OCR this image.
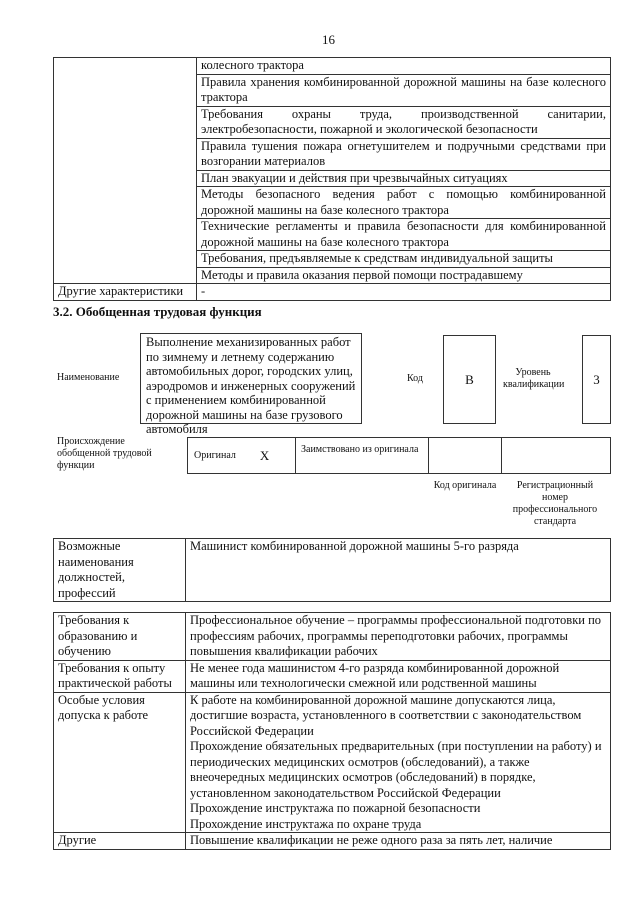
16
	колесного трактора
	Правила хранения комбинированной дорожной машины на базе колесного трактора
	Требования охраны труда, производственной санитарии, электробезопасности, пожарной и экологической безопасности
	Правила тушения пожара огнетушителем и подручными средствами при возгорании материалов
	План эвакуации и действия при чрезвычайных ситуациях
	Методы безопасного ведения работ с помощью комбинированной дорожной машины на базе колесного трактора
	Технические регламенты и правила безопасности для комбинированной дорожной машины на базе колесного трактора
	Требования, предъявляемые к средствам индивидуальной защиты
	Методы и правила оказания первой помощи пострадавшему
Другие характеристики	-
3.2. Обобщенная трудовая функция
Наименование
Выполнение механизированных работ по зимнему и летнему содержанию автомобильных дорог, городских улиц, аэродромов и инженерных сооружений с применением комбинированной дорожной машины на базе грузового автомобиля
Код	В	Уровень квалификации	3
Происхождение обобщенной трудовой функции
Оригинал X	Заимствовано из оригинала
Код оригинала	Регистрационный номер профессионального стандарта
Возможные наименования должностей, профессий	Машинист комбинированной дорожной машины 5-го разряда
Требования к образованию и обучению	Профессиональное обучение – программы профессиональной подготовки по профессиям рабочих, программы переподготовки рабочих, программы повышения квалификации рабочих
Требования к опыту практической работы	Не менее года машинистом 4-го разряда комбинированной дорожной машины или технологически смежной или родственной машины
Особые условия допуска к работе	К работе на комбинированной дорожной машине допускаются лица, достигшие возраста, установленного в соответствии с законодательством Российской Федерации
Прохождение обязательных предварительных (при поступлении на работу) и периодических медицинских осмотров (обследований), а также внеочередных медицинских осмотров (обследований) в порядке, установленном законодательством Российской Федерации
Прохождение инструктажа по пожарной безопасности
Прохождение инструктажа по охране труда

Другие	Повышение квалификации не реже одного раза за пять лет, наличие
